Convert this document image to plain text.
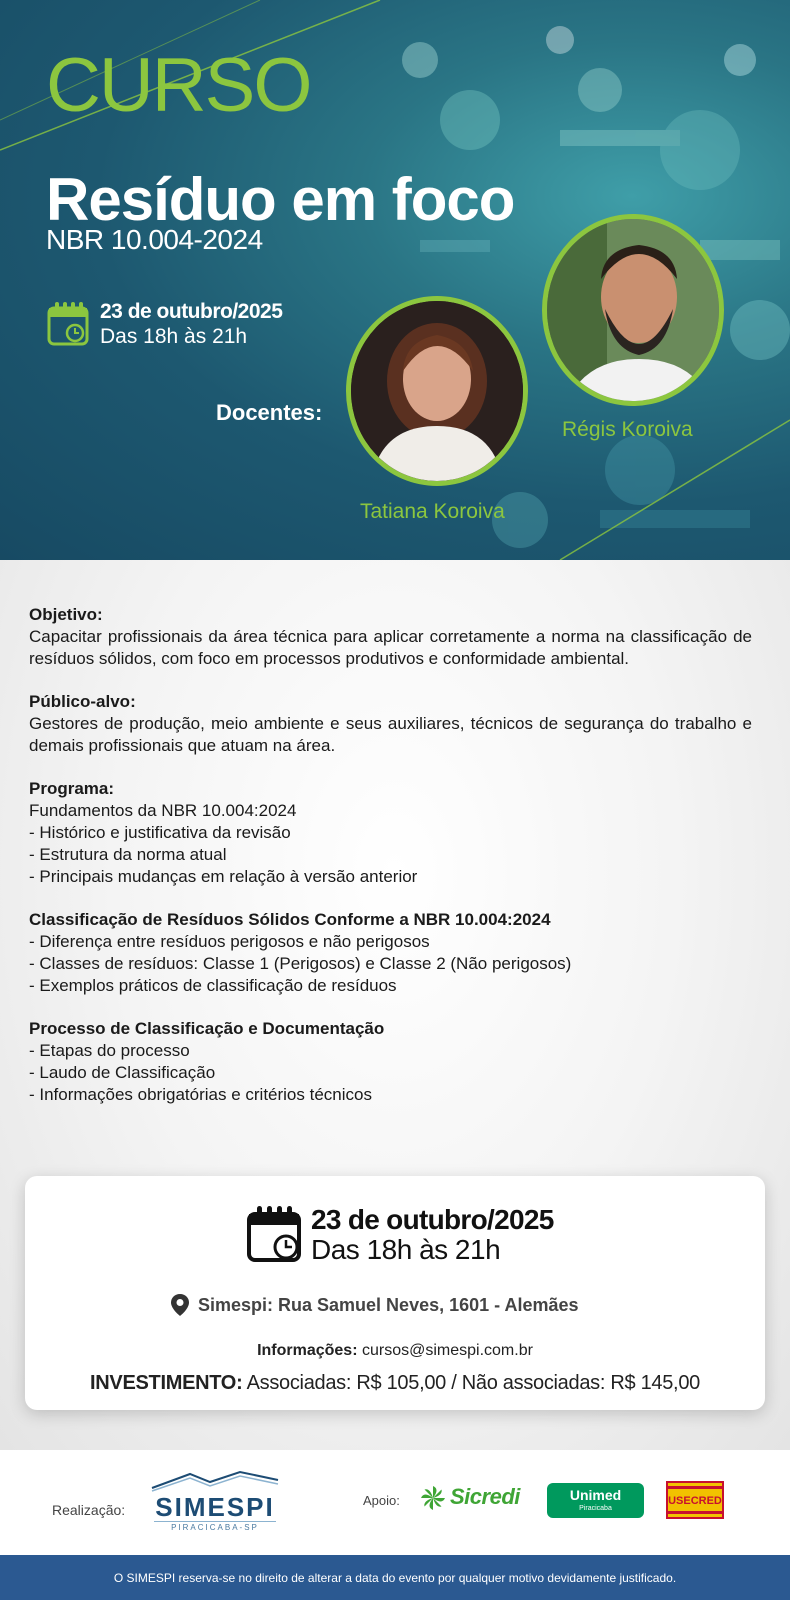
CURSO
Resíduo em foco
NBR 10.004-2024
23 de outubro/2025
Das 18h às 21h
Docentes:
Tatiana Koroiva
Régis Koroiva

Objetivo:

Capacitar profissionais da área técnica para aplicar corretamente a norma na classificação de resíduos sólidos, com foco em processos produtivos e conformidade ambiental.

Público-alvo:

Gestores de produção, meio ambiente e seus auxiliares, técnicos de segurança do trabalho e demais profissionais que atuam na área.

Programa:

Fundamentos da NBR 10.004:2024

- Histórico e justificativa da revisão

- Estrutura da norma atual

- Principais mudanças em relação à versão anterior

Classificação de Resíduos Sólidos Conforme a NBR 10.004:2024

- Diferença entre resíduos perigosos e não perigosos

- Classes de resíduos: Classe 1 (Perigosos) e Classe 2 (Não perigosos)

- Exemplos práticos de classificação de resíduos

Processo de Classificação e Documentação

- Etapas do processo

- Laudo de Classificação

- Informações obrigatórias e critérios técnicos

23 de outubro/2025
Das 18h às 21h
Simespi: Rua Samuel Neves, 1601 - Alemães
Informações: cursos@simespi.com.br
INVESTIMENTO: Associadas: R$ 105,00 / Não associadas: R$ 145,00
Realização: SIMESPI
PIRACICABA-SP
Apoio: Sicredi	Unimed
Piracicaba
USECRED
O SIMESPI reserva-se no direito de alterar a data do evento por qualquer motivo devidamente justificado.
